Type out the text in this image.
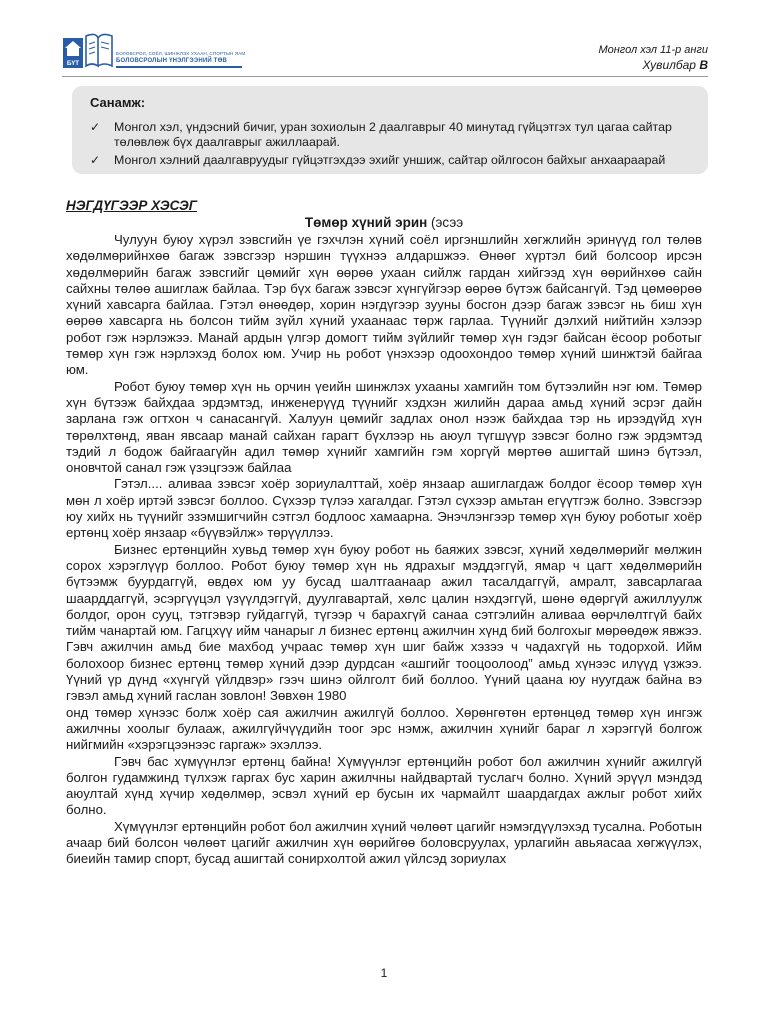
БҮТ
БОЛОВСРОЛ, СОЁЛ, ШИНЖЛЭХ УХААН, СПОРТЫН ЯАМ
БОЛОВСРОЛЫН ҮНЭЛГЭЭНИЙ ТӨВ
Монгол хэл 11-р анги
Хувилбар В
Санамж:
✓ Монгол хэл, үндэсний бичиг, уран зохиолын 2 даалгаврыг 40 минутад гүйцэтгэх тул цагаа сайтар төлөвлөж бүх даалгаврыг ажиллаарай.
✓ Монгол хэлний даалгавруудыг гүйцэтгэхдээ эхийг уншиж, сайтар ойлгосон байхыг анхаараарай
НЭГДҮГЭЭР ХЭСЭГ
Төмөр хүний эрин (эсээ

Чулуун буюу хүрэл зэвсгийн үе гэхчлэн хүний соёл иргэншлийн хөгжлийн эринүүд гол төлөв хөдөлмөрийнхөө багаж зэвсгээр нэршин түүхнээ алдаршжээ. Өнөөг хүртэл бий болсоор ирсэн хөдөлмөрийн багаж зэвсгийг цөмийг хүн өөрөө ухаан сийлж гардан хийгээд хүн өөрийнхөө сайн сайхны төлөө ашиглаж байлаа. Тэр бүх багаж зэвсэг хүнгүйгээр өөрөө бүтэж байсангүй. Тэд цөмөөрөө хүний хавсарга байлаа. Гэтэл өнөөдөр, хорин нэгдүгээр зууны босгон дээр багаж зэвсэг нь биш хүн өөрөө хавсарга нь болсон тийм зүйл хүний ухаанаас төрж гарлаа. Түүнийг дэлхий нийтийн хэлээр робот гэж нэрлэжээ. Манай ардын үлгэр домогт тийм зүйлийг төмөр хүн гэдэг байсан ёсоор роботыг төмөр хүн гэж нэрлэхэд болох юм. Учир нь робот үнэхээр одоохондоо төмөр хүний шинжтэй байгаа юм.

Робот буюу төмөр хүн нь орчин үеийн шинжлэх ухааны хамгийн том бүтээлийн нэг юм. Төмөр хүн бүтээж байхдаа эрдэмтэд, инженерүүд түүнийг хэдхэн жилийн дараа амьд хүний эсрэг дайн зарлана гэж огтхон ч санасангүй. Халуун цөмийг задлах онол нээж байхдаа тэр нь ирээдүйд хүн төрөлхтөнд, яван явсаар манай сайхан гарагт бүхлээр нь аюул түгшүүр зэвсэг болно гэж эрдэмтэд тэдий л бодож байгаагүйн адил төмөр хүнийг хамгийн гэм хоргүй мөртөө ашигтай шинэ бүтээл, оновчтой санал гэж үзэцгээж байлаа

Гэтэл.... аливаа зэвсэг хоёр зориулалттай, хоёр янзаар ашиглагдаж болдог ёсоор төмөр хүн мөн л хоёр иртэй зэвсэг боллоо. Сүхээр түлээ хагалдаг. Гэтэл сүхээр амьтан егүүтгэж болно. Зэвсгээр юу хийх нь түүнийг эзэмшигчийн сэтгэл бодлоос хамаарна. Энэчлэнгээр төмөр хүн буюу роботыг хоёр ертөнц хоёр янзаар «бүүвэйлж» төрүүллээ.

Бизнес ертөнцийн хувьд төмөр хүн буюу робот нь баяжих зэвсэг, хүний хөдөлмөрийг мөлжин сорох хэрэглүүр боллоо. Робот буюу төмөр хүн нь ядрахыг мэддэггүй, ямар ч цагт хөдөлмөрийн бүтээмж буурдаггүй, өвдөх юм уу бусад шалтгаанаар ажил тасалдаггүй, амралт, завсарлагаа шаарддаггүй, эсэргүүцэл үзүүлдэггүй, дуулгавартай, хөлс цалин нэхдэггүй, шөнө өдөргүй ажиллуулж болдог, орон сууц, тэтгэвэр гуйдаггүй, түгээр ч барахгүй санаа сэтгэлийн аливаа өөрчлөлтгүй байх тийм чанартай юм. Гагцхүү ийм чанарыг л бизнес ертөнц ажилчин хүнд бий болгохыг мөрөөдөж явжээ. Гэвч ажилчин амьд бие махбод учраас төмөр хүн шиг байж хэзээ ч чадахгүй нь тодорхой. Ийм болохоор бизнес ертөнц төмөр хүний дээр дурдсан «ашгийг тооцоолоод” амьд хүнээс илүүд үзжээ. Үүний үр дүнд «хүнгүй үйлдвэр» гээч шинэ ойлголт бий боллоо. Үүний цаана юу нуугдаж байна вэ гэвэл амьд хүний гаслан зовлон! Зөвхөн 1980

онд төмөр хүнээс болж хоёр сая ажилчин ажилгүй боллоо. Хөрөнгөтөн ертөнцөд төмөр хүн ингэж ажилчны хоолыг булааж, ажилгүйчүүдийн тоог эрс нэмж, ажилчин хүнийг бараг л хэрэггүй болгож нийгмийн «хэрэгцээнээс гаргаж» эхэллээ.

Гэвч бас хүмүүнлэг ертөнц байна! Хүмүүнлэг ертөнцийн робот бол ажилчин хүнийг ажилгүй болгон гудамжинд түлхэж гаргах бус харин ажилчны найдвартай туслагч болно. Хүний эрүүл мэндэд аюултай хүнд хүчир хөдөлмөр, эсвэл хүний ер бусын их чармайлт шаардагдах ажлыг робот хийх болно.

Хүмүүнлэг ертөнцийн робот бол ажилчин хүний чөлөөт цагийг нэмэгдүүлэхэд тусална. Роботын ачаар бий болсон чөлөөт цагийг ажилчин хүн өөрийгөө боловсруулах, урлагийн авьяасаа хөгжүүлэх, биеийн тамир спорт, бусад ашигтай сонирхолтой ажил үйлсэд зориулах

1
